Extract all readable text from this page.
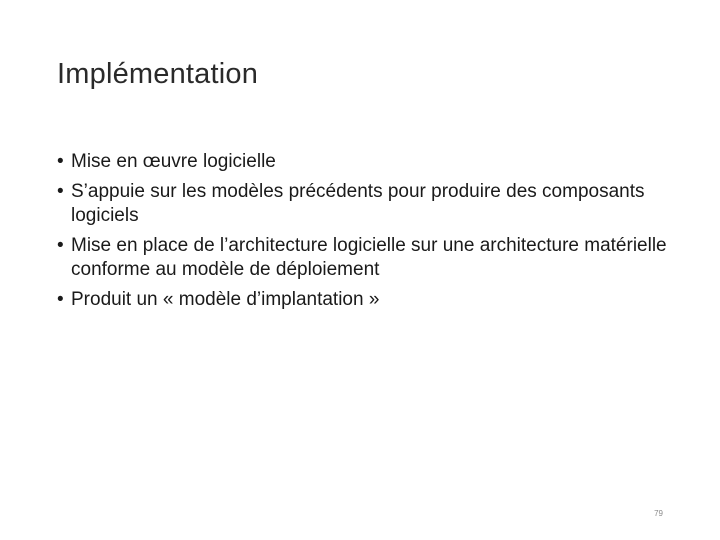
Implémentation
• Mise en œuvre logicielle
• S’appuie sur les modèles précédents pour produire des composants logiciels
• Mise en place de l’architecture logicielle sur une architecture matérielle conforme au modèle de déploiement
• Produit un « modèle d’implantation »
79
